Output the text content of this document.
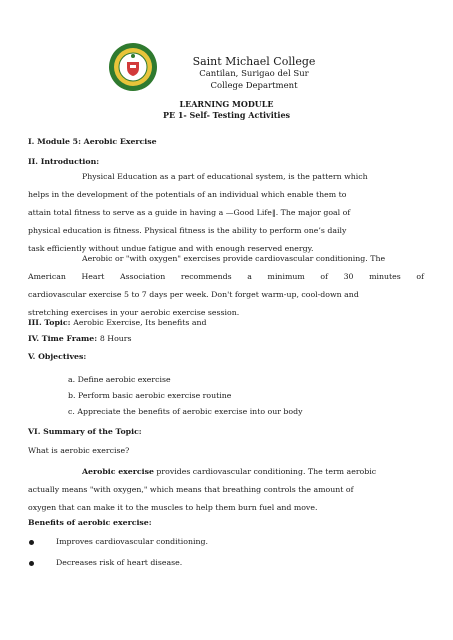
Saint Michael College
Cantilan, Surigao del Sur
College Department
LEARNING MODULE
PE 1- Self- Testing Activities
I. Module 5: Aerobic Exercise
II. Introduction:
Physical Education as a part of educational system, is the pattern which
helps in the development of the potentials of an individual which enable them to
attain total fitness to serve as a guide in having a —Good Life‖. The major goal of
physical education is fitness. Physical fitness is the ability to perform one’s daily
task efficiently without undue fatigue and with enough reserved energy.
Aerobic or "with oxygen" exercises provide cardiovascular conditioning. The
American Heart Association recommends a minimum of 30 minutes of
cardiovascular exercise 5 to 7 days per week. Don't forget warm-up, cool-down and
stretching exercises in your aerobic exercise session.
III. Topic: Aerobic Exercise, Its benefits and
IV. Time Frame: 8 Hours
V. Objectives:
a. Define aerobic exercise
b. Perform basic aerobic exercise routine
c. Appreciate the benefits of aerobic exercise into our body
VI. Summary of the Topic:
What is aerobic exercise?
Aerobic exercise provides cardiovascular conditioning. The term aerobic
actually means "with oxygen," which means that breathing controls the amount of
oxygen that can make it to the muscles to help them burn fuel and move.
Benefits of aerobic exercise:
Improves cardiovascular conditioning.
Decreases risk of heart disease.
